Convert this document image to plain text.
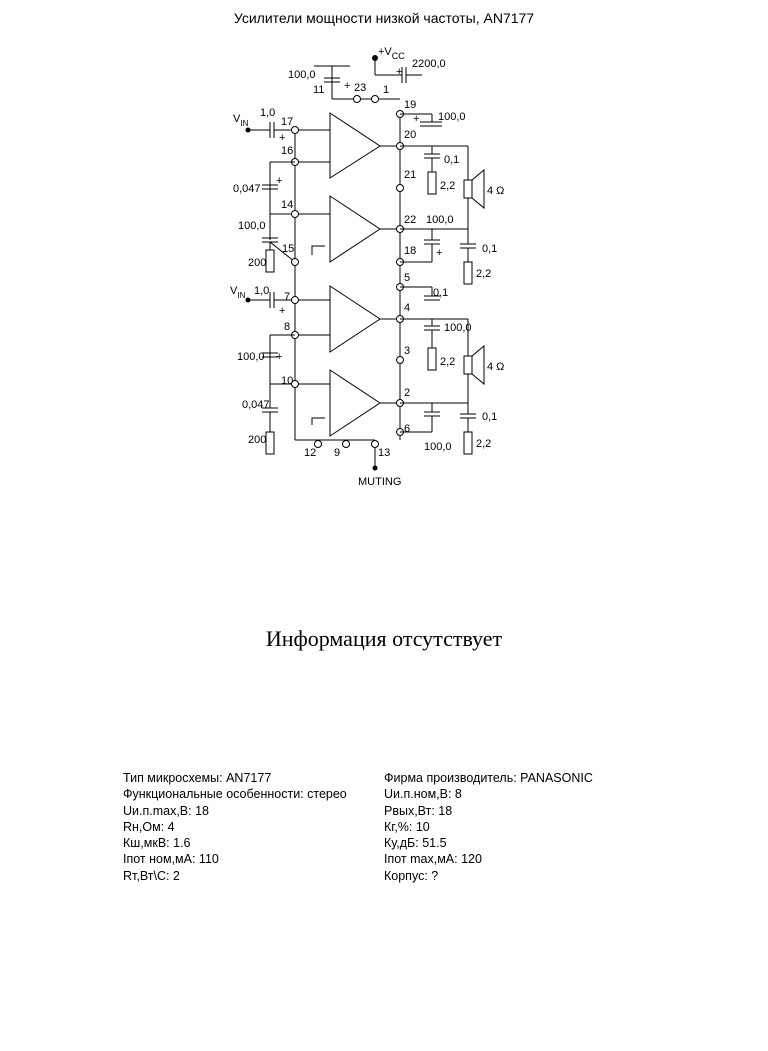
Усилители мощности низкой частоты, AN7177
$+V_{CC}$
+
2200,0
100,0
11 + 23 1
$V_{IN}$
1,0
+
17
16
0,047
+
14
100,0
200
15
$V_{IN}$ 1,0
+
7
8
100,0 +
10
0,047
200
19
20
21
22
18
5
4
3
2
6
12 9	13
MUTING
100,0
+
0,1
2,2	4 Ω
100,0
+	0,1
2,2
0,1
100,0
2,2	4 Ω
100,0
0,1
2,2
Информация отсутствует
Тип микросхемы: AN7177
Функциональные особенности: стерео
Uи.п.max,В: 18
Rн,Ом: 4
Кш,мкВ: 1.6
Iпот ном,мА: 110
Rт,Вт\С: 2
Фирма производитель: PANASONIC
Uи.п.ном,В: 8
Pвых,Вт: 18
Кг,%: 10
Ку,дБ: 51.5
Iпот max,мА: 120
Корпус: ?
